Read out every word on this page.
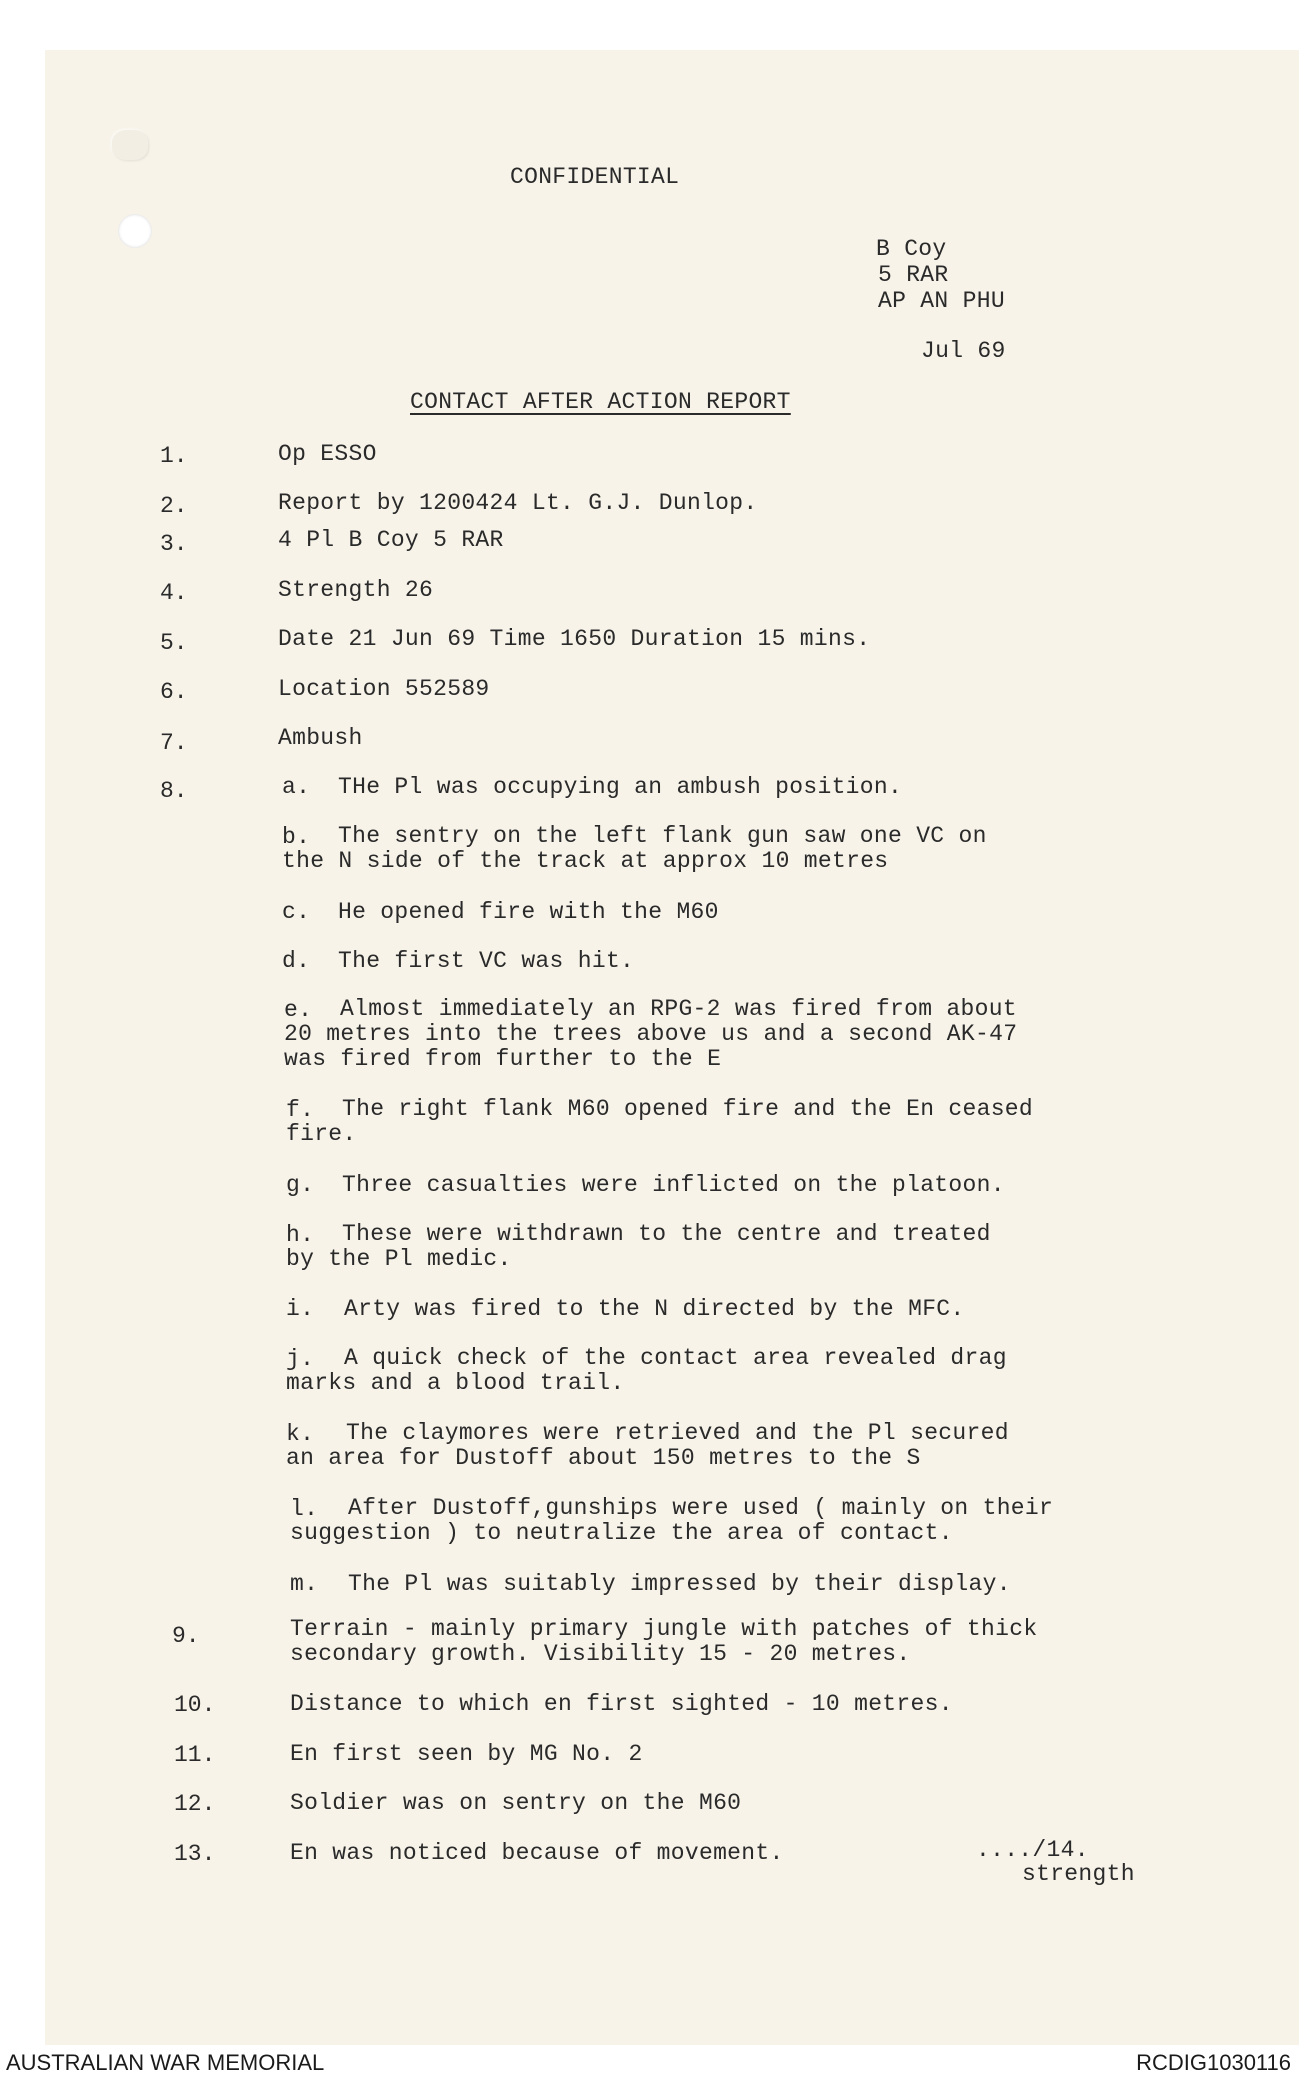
CONFIDENTIAL
B Coy
5 RAR
AP AN PHU
Jul 69
CONTACT AFTER ACTION REPORT
1.	Op ESSO
2.	Report by 1200424 Lt. G.J. Dunlop.
3.	4 Pl B Coy 5 RAR
4.	Strength 26
5.	Date 21 Jun 69 Time 1650 Duration 15 mins.
6.	Location 552589
7.	Ambush
8.	a. THe Pl was occupying an ambush position.
b.	The sentry on the left flank gun saw one VC on
the N side of the track at approx 10 metres
c. He opened fire with the M60
d. The first VC was hit.
e.	Almost immediately an RPG-2 was fired from about
20 metres into the trees above us and a second AK-47
was fired from further to the E
f.	The right flank M60 opened fire and the En ceased
fire.
g. Three casualties were inflicted on the platoon.
h.	These were withdrawn to the centre and treated
by the Pl medic.
i. Arty was fired to the N directed by the MFC.
j.	A quick check of the contact area revealed drag
marks and a blood trail.
k.	The claymores were retrieved and the Pl secured
an area for Dustoff about 150 metres to the S
l.	After Dustoff,gunships were used ( mainly on their
suggestion ) to neutralize the area of contact.
m. The Pl was suitably impressed by their display.
9.	Terrain - mainly primary jungle with patches of thick
secondary growth. Visibility 15 - 20 metres.
10.	Distance to which en first sighted - 10 metres.
11.	En first seen by MG No. 2
12.	Soldier was on sentry on the M60
13.	En was noticed because of movement.	..../14.
strength
AUSTRALIAN WAR MEMORIAL	RCDIG1030116
